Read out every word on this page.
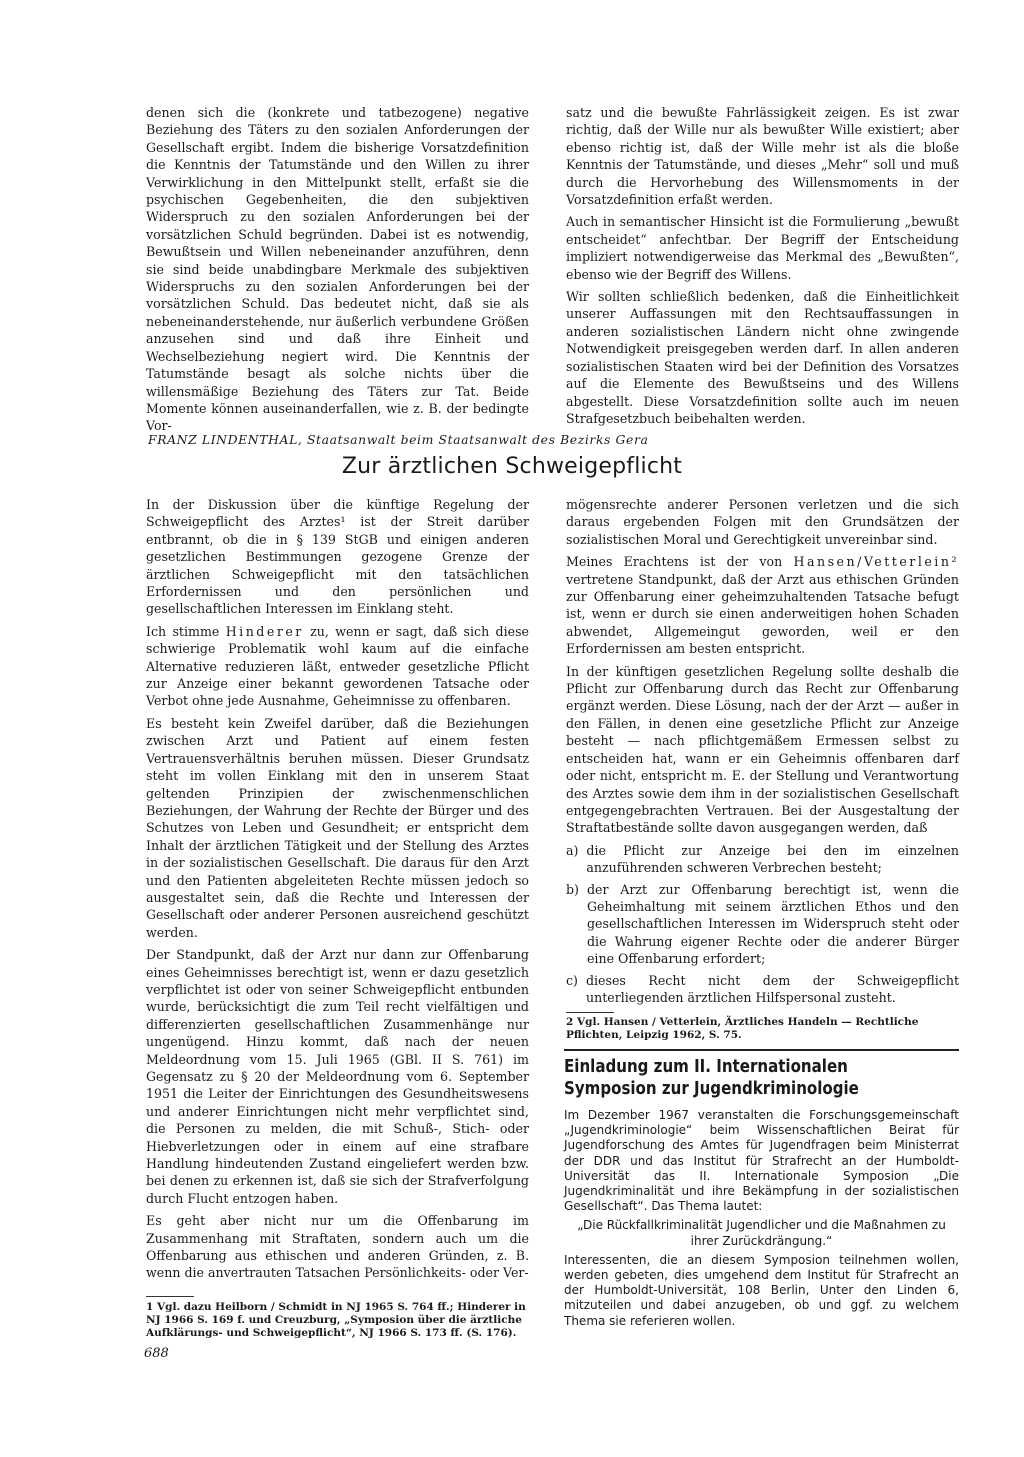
denen sich die (konkrete und tatbezogene) negative Beziehung des Täters zu den sozialen Anforderungen der Gesellschaft ergibt. Indem die bisherige Vorsatzdefinition die Kenntnis der Tatumstände und den Willen zu ihrer Verwirklichung in den Mittelpunkt stellt, erfaßt sie die psychischen Gegebenheiten, die den subjektiven Widerspruch zu den sozialen Anforderungen bei der vorsätzlichen Schuld begründen. Dabei ist es notwendig, Bewußtsein und Willen nebeneinander anzuführen, denn sie sind beide unabdingbare Merkmale des subjektiven Widerspruchs zu den sozialen Anforderungen bei der vorsätzlichen Schuld. Das bedeutet nicht, daß sie als nebeneinanderstehende, nur äußerlich verbundene Größen anzusehen sind und daß ihre Einheit und Wechselbeziehung negiert wird. Die Kenntnis der Tatumstände besagt als solche nichts über die willensmäßige Beziehung des Täters zur Tat. Beide Momente können auseinanderfallen, wie z. B. der bedingte Vor-

satz und die bewußte Fahrlässigkeit zeigen. Es ist zwar richtig, daß der Wille nur als bewußter Wille existiert; aber ebenso richtig ist, daß der Wille mehr ist als die bloße Kenntnis der Tatumstände, und dieses „Mehr“ soll und muß durch die Hervorhebung des Willensmoments in der Vorsatzdefinition erfaßt werden.

Auch in semantischer Hinsicht ist die Formulierung „bewußt entscheidet“ anfechtbar. Der Begriff der Entscheidung impliziert notwendigerweise das Merkmal des „Bewußten“, ebenso wie der Begriff des Willens.

Wir sollten schließlich bedenken, daß die Einheitlichkeit unserer Auffassungen mit den Rechtsauffassungen in anderen sozialistischen Ländern nicht ohne zwingende Notwendigkeit preisgegeben werden darf. In allen anderen sozialistischen Staaten wird bei der Definition des Vorsatzes auf die Elemente des Bewußtseins und des Willens abgestellt. Diese Vorsatzdefinition sollte auch im neuen Strafgesetzbuch beibehalten werden.

FRANZ LINDENTHAL, Staatsanwalt beim Staatsanwalt des Bezirks Gera
Zur ärztlichen Schweigepflicht

In der Diskussion über die künftige Regelung der Schweigepflicht des Arztes¹ ist der Streit darüber entbrannt, ob die in § 139 StGB und einigen anderen gesetzlichen Bestimmungen gezogene Grenze der ärztlichen Schweigepflicht mit den tatsächlichen Erfordernissen und den persönlichen und gesellschaftlichen Interessen im Einklang steht.

Ich stimme Hinderer zu, wenn er sagt, daß sich diese schwierige Problematik wohl kaum auf die einfache Alternative reduzieren läßt, entweder gesetzliche Pflicht zur Anzeige einer bekannt gewordenen Tatsache oder Verbot ohne jede Ausnahme, Geheimnisse zu offenbaren.

Es besteht kein Zweifel darüber, daß die Beziehungen zwischen Arzt und Patient auf einem festen Vertrauensverhältnis beruhen müssen. Dieser Grundsatz steht im vollen Einklang mit den in unserem Staat geltenden Prinzipien der zwischenmenschlichen Beziehungen, der Wahrung der Rechte der Bürger und des Schutzes von Leben und Gesundheit; er entspricht dem Inhalt der ärztlichen Tätigkeit und der Stellung des Arztes in der sozialistischen Gesellschaft. Die daraus für den Arzt und den Patienten abgeleiteten Rechte müssen jedoch so ausgestaltet sein, daß die Rechte und Interessen der Gesellschaft oder anderer Personen ausreichend geschützt werden.

Der Standpunkt, daß der Arzt nur dann zur Offenbarung eines Geheimnisses berechtigt ist, wenn er dazu gesetzlich verpflichtet ist oder von seiner Schweigepflicht entbunden wurde, berücksichtigt die zum Teil recht vielfältigen und differenzierten gesellschaftlichen Zusammenhänge nur ungenügend. Hinzu kommt, daß nach der neuen Meldeordnung vom 15. Juli 1965 (GBl. II S. 761) im Gegensatz zu § 20 der Meldeordnung vom 6. September 1951 die Leiter der Einrichtungen des Gesundheitswesens und anderer Einrichtungen nicht mehr verpflichtet sind, die Personen zu melden, die mit Schuß-, Stich- oder Hiebverletzungen oder in einem auf eine strafbare Handlung hindeutenden Zustand eingeliefert werden bzw. bei denen zu erkennen ist, daß sie sich der Strafverfolgung durch Flucht entzogen haben.

Es geht aber nicht nur um die Offenbarung im Zusammenhang mit Straftaten, sondern auch um die Offenbarung aus ethischen und anderen Gründen, z. B. wenn die anvertrauten Tatsachen Persönlichkeits- oder Ver-

1 Vgl. dazu Heilborn / Schmidt in NJ 1965 S. 764 ff.; Hinderer in NJ 1966 S. 169 f. und Creuzburg, „Symposion über die ärztliche Aufklärungs- und Schweigepflicht“, NJ 1966 S. 173 ff. (S. 176).

mögensrechte anderer Personen verletzen und die sich daraus ergebenden Folgen mit den Grundsätzen der sozialistischen Moral und Gerechtigkeit unvereinbar sind.

Meines Erachtens ist der von Hansen/Vetterlein² vertretene Standpunkt, daß der Arzt aus ethischen Gründen zur Offenbarung einer geheimzuhaltenden Tatsache befugt ist, wenn er durch sie einen anderweitigen hohen Schaden abwendet, Allgemeingut geworden, weil er den Erfordernissen am besten entspricht.

In der künftigen gesetzlichen Regelung sollte deshalb die Pflicht zur Offenbarung durch das Recht zur Offenbarung ergänzt werden. Diese Lösung, nach der der Arzt — außer in den Fällen, in denen eine gesetzliche Pflicht zur Anzeige besteht — nach pflichtgemäßem Ermessen selbst zu entscheiden hat, wann er ein Geheimnis offenbaren darf oder nicht, entspricht m. E. der Stellung und Verantwortung des Arztes sowie dem ihm in der sozialistischen Gesellschaft entgegengebrachten Vertrauen. Bei der Ausgestaltung der Straftatbestände sollte davon ausgegangen werden, daß

a) die Pflicht zur Anzeige bei den im einzelnen anzuführenden schweren Verbrechen besteht;
b) der Arzt zur Offenbarung berechtigt ist, wenn die Geheimhaltung mit seinem ärztlichen Ethos und den gesellschaftlichen Interessen im Widerspruch steht oder die Wahrung eigener Rechte oder die anderer Bürger eine Offenbarung erfordert;
c) dieses Recht nicht dem der Schweigepflicht unterliegenden ärztlichen Hilfspersonal zusteht.
2 Vgl. Hansen / Vetterlein, Ärztliches Handeln — Rechtliche Pflichten, Leipzig 1962, S. 75.
Einladung zum II. Internationalen Symposion zur Jugendkriminologie

Im Dezember 1967 veranstalten die Forschungsgemeinschaft „Jugendkriminologie“ beim Wissenschaftlichen Beirat für Jugendforschung des Amtes für Jugendfragen beim Ministerrat der DDR und das Institut für Strafrecht an der Humboldt-Universität das II. Internationale Symposion „Die Jugendkriminalität und ihre Bekämpfung in der sozialistischen Gesellschaft“. Das Thema lautet:

„Die Rückfallkriminalität Jugendlicher und die Maßnahmen zu ihrer Zurückdrängung.“

Interessenten, die an diesem Symposion teilnehmen wollen, werden gebeten, dies umgehend dem Institut für Strafrecht an der Humboldt-Universität, 108 Berlin, Unter den Linden 6, mitzuteilen und dabei anzugeben, ob und ggf. zu welchem Thema sie referieren wollen.

688
